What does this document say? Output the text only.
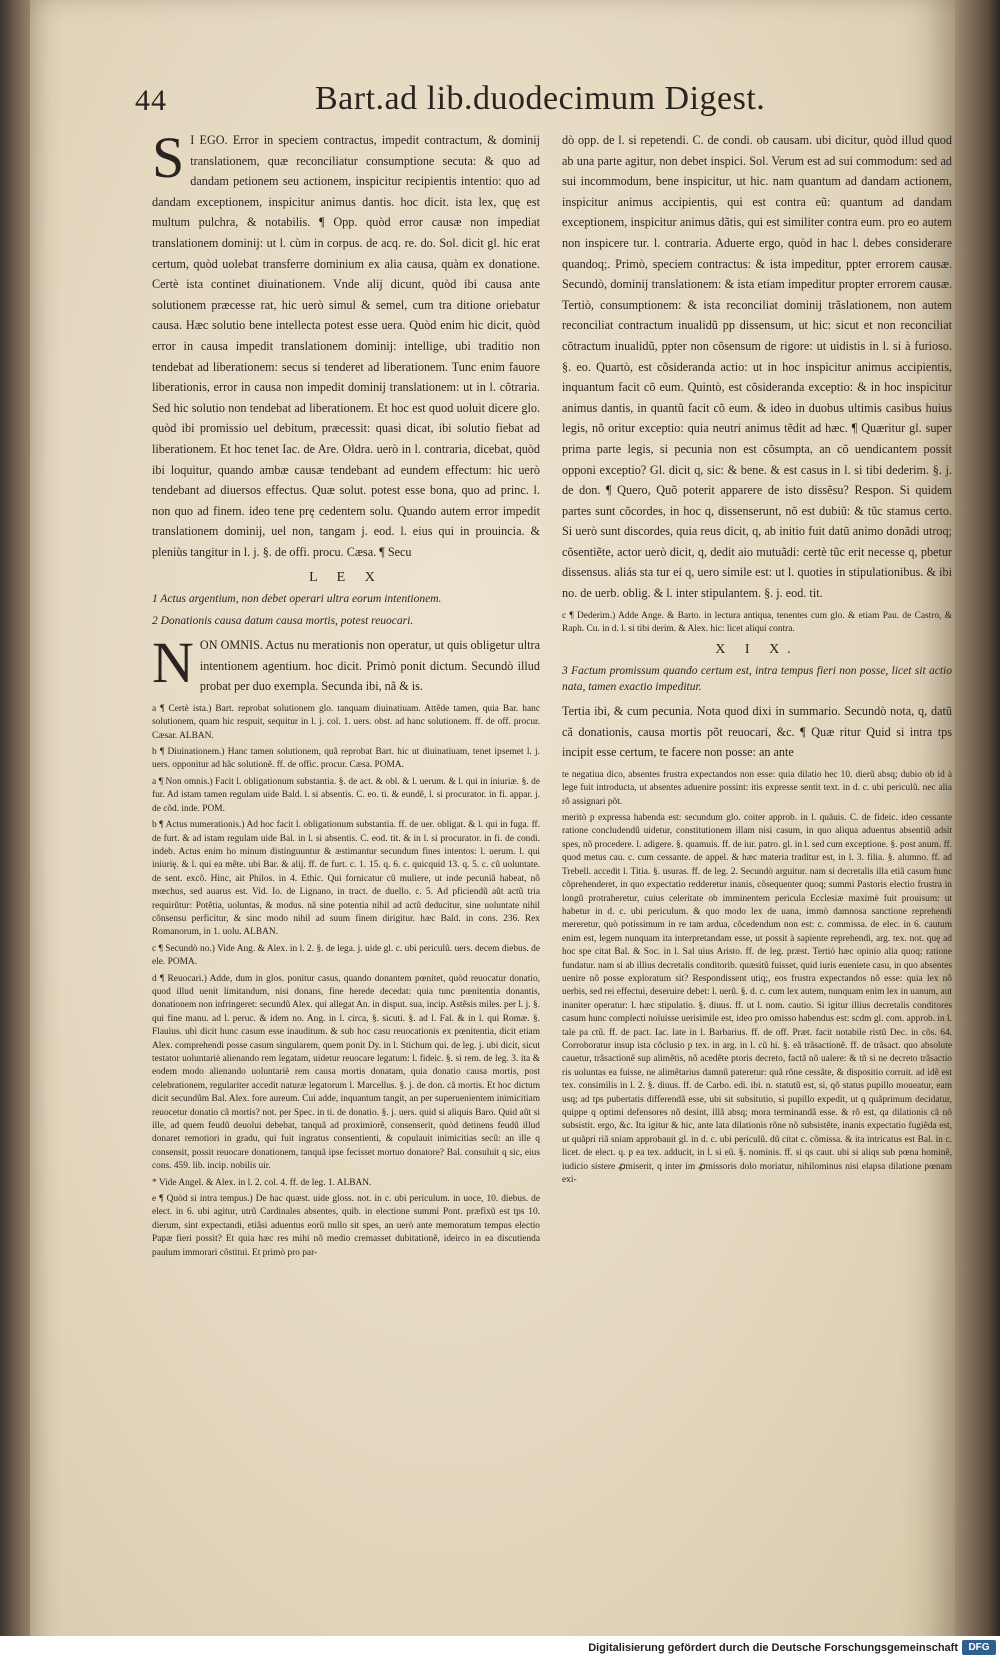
44	Bart.ad lib.duodecimum Digest.

S I EGO. Error in speciem contractus, impedit contractum, & dominij translationem, quæ reconciliatur consumptione secuta: & quo ad dandam petionem seu actionem, inspicitur recipientis intentio: quo ad dandam exceptionem, inspicitur animus dantis. hoc dicit. ista lex, quę est multum pulchra, & notabilis. ¶ Opp. quòd error causæ non impediat translationem dominij: ut l. cùm in corpus. de acq. re. do. Sol. dicit gl. hic erat certum, quòd uolebat transferre dominium ex alia causa, quàm ex donatione. Certè ista continet diuinationem. Vnde alij dicunt, quòd ibi causa ante solutionem præcesse rat, hic uerò simul & semel, cum tra ditione oriebatur causa. Hæc solutio bene intellecta potest esse uera. Quòd enim hic dicit, quòd error in causa impedit translationem dominij: intellige, ubi traditio non tendebat ad liberationem: secus si tenderet ad liberationem. Tunc enim fauore liberationis, error in causa non impedit dominij translationem: ut in l. cõtraria. Sed hic solutio non tendebat ad liberationem. Et hoc est quod uoluit dicere glo. quòd ibi promissio uel debitum, præcessit: quasi dicat, ibi solutio fiebat ad liberationem. Et hoc tenet Iac. de Are. Oldra. uerò in l. contraria, dicebat, quòd ibi loquitur, quando ambæ causæ tendebant ad eundem effectum: hic uerò tendebant ad diuersos effectus. Quæ solut. potest esse bona, quo ad princ. l. non quo ad finem. ideo tene prę cedentem solu. Quando autem error impedit translationem dominij, uel non, tangam j. eod. l. eius qui in prouincia. & pleniùs tangitur in l. j. §. de offi. procu. Cæsa. ¶ Secu

L E X
1 Actus argentium, non debet operari ultra eorum intentionem.
2 Donationis causa datum causa mortis, potest reuocari.

NON OMNIS. Actus nu merationis non operatur, ut quis obligetur ultra intentionem agentium. hoc dicit. Primò ponit dictum. Secundò illud probat per duo exempla. Secunda ibi, nã & is.

a ¶ Certè ista.) Bart. reprobat solutionem glo. tanquam diuinatiuam. Attẽde tamen, quia Bar. hanc solutionem, quam hic respuit, sequitur in l. j. col. 1. uers. obst. ad hanc solutionem. ff. de off. procur. Cæsar. ALBAN.

b ¶ Diuinationem.) Hanc tamen solutionem, quã reprobat Bart. hic ut diuinatiuam, tenet ipsemet l. j. uers. opponitur ad hãc solutionẽ. ff. de offic. procur. Cæsa. POMA.

a ¶ Non omnis.) Facit l. obligationum substantia. §. de act. & obl. & l. uerum. & l. qui in iniuriæ. §. de fur. Ad istam tamen regulam uide Bald. l. si absentis. C. eo. ti. & eundẽ, l. si procurator. in fi. appar. j. de cõd. inde. POM.

b ¶ Actus numerationis.) Ad hoc facit l. obligationum substantia. ff. de uer. obligat. & l. qui in fuga. ff. de furt. & ad istam regulam uide Bal. in l. si absentis. C. eod. tit. & in l. si procurator. in fi. de condi. indeb. Actus enim ho minum distinguuntur & æstimantur secundum fines intentos: l. uerum. l. qui iniurię. & l. qui ea mẽte. ubi Bar. & alij. ff. de furt. c. 1. 15. q. 6. c. quicquid 13. q. 5. c. cũ uoluntate. de sent. excõ. Hinc, ait Philos. in 4. Ethic. Qui fornicatur cũ muliere, ut inde pecuniã habeat, nõ mœchus, sed auarus est. Vid. Io. de Lignano, in tract. de duello. c. 5. Ad pficiendũ aũt actũ tria requirũtur: Potẽtia, uoluntas, & modus. nã sine potentia nihil ad actũ deducitur, sine uoluntate nihil cõnsensu perficitur, & sinc modo nihil ad suum finem dirigitur. hæc Bald. in cons. 236. Rex Romanorum, in 1. uolu. ALBAN.

c ¶ Secundò no.) Vide Ang. & Alex. in l. 2. §. de lega. j. uide gl. c. ubi periculũ. uers. decem diebus. de ele. POMA.

d ¶ Reuocari.) Adde, dum in glos. ponitur casus, quando donantem pœnitet, quòd reuocatur donatio, quod illud uenit limitandum, nisi donans, fine herede decedat: quia tunc pœnitentia donantis, donationem non infringeret: secundũ Alex. qui allegat An. in disput. sua, incip. Astẽsis miles. per l. j. §. qui fine manu. ad l. peruc. & idem no. Ang. in l. circa, §. sicuti. §. ad l. Fal. & in l. qui Romæ. §. Flauius. ubi dicit hunc casum esse inauditum. & sub hoc casu reuocationis ex pœnitentia, dicit etiam Alex. comprehendi posse casum singularem, quem ponit Dy. in l. Stichum qui. de leg. j. ubi dicit, sicut testator uoluntariè alienando rem legatam, uidetur reuocare legatum: l. fideic. §. si rem. de leg. 3. ita & eodem modo alienando uoluntariè rem causa mortis donatam, quia donatio causa mortis, post celebrationem, regulariter accedit naturæ legatorum l. Marcellus. §. j. de don. cã mortis. Et hoc dictum dicit secundũm Bal. Alex. fore aureum. Cui adde, inquantum tangit, an per superuenientem inimicitiam reuocetur donatio cã mortis? not. per Spec. in ti. de donatio. §. j. uers. quid si aliquis Baro. Quid aũt si ille, ad quem feudũ deuolui debebat, tanquã ad proximiorẽ, consenserit, quòd detinens feudũ illud donaret remotiori in gradu, qui fuit ingratus consentienti, & copulauit inimicitias secũ: an ille q consensit, possit reuocare donationem, tanquã ipse fecisset mortuo donatore? Bal. consuluit q sic, eius cons. 459. lib. incip. nobilis uir.

* Vide Angel. & Alex. in l. 2. col. 4. ff. de leg. 1. ALBAN.

e ¶ Quòd si intra tempus.) De hac quæst. uide gloss. not. in c. ubi periculum. in uoce, 10. diebus. de elect. in 6. ubi agitur, utrũ Cardinales absentes, quib. in electione summi Pont. præfixũ est tps 10. dierum, sint expectandi, etiãsi aduentus eorũ nullo sit spes, an uerò ante memoratum tempus electio Papæ fieri possit? Et quia hæc res mihi nõ medio cremasset dubitationẽ, ideirco in ea discutienda paulum immorari cõstitui. Et primò pro par-

dò opp. de l. si repetendi. C. de condi. ob causam. ubi dicitur, quòd illud quod ab una parte agitur, non debet inspici. Sol. Verum est ad sui commodum: sed ad sui incommodum, bene inspicitur, ut hic. nam quantum ad dandam actionem, inspicitur animus accipientis, qui est contra eũ: quantum ad dandam exceptionem, inspicitur animus dãtis, qui est similiter contra eum. pro eo autem non inspicere tur. l. contraria. Aduerte ergo, quòd in hac l. debes considerare quandoq;. Primò, speciem contractus: & ista impeditur, ppter errorem causæ. Secundò, dominij translationem: & ista etiam impeditur propter errorem causæ. Tertiò, consumptionem: & ista reconciliat dominij trãslationem, non autem reconciliat contractum inualidũ pp dissensum, ut hic: sicut et non reconciliat cõtractum inualidũ, ppter non cõsensum de rigore: ut uidistis in l. si à furioso. §. eo. Quartò, est cõsideranda actio: ut in hoc inspicitur animus accipientis, inquantum facit cõ eum. Quintò, est cõsideranda exceptio: & in hoc inspicitur animus dantis, in quantũ facit cõ eum. & ideo in duobus ultimis casibus huius legis, nõ oritur exceptio: quia neutri animus tẽdit ad hæc. ¶ Quæritur gl. super prima parte legis, si pecunia non est cõsumpta, an cõ uendicantem possit opponi exceptio? Gl. dicit q, sic: & bene. & est casus in l. si tibi dederim. §. j. de don. ¶ Quero, Quõ poterit apparere de isto dissẽsu? Respon. Si quidem partes sunt cõcordes, in hoc q, dissenserunt, nõ est dubiũ: & tũc stamus certo. Si uerò sunt discordes, quia reus dicit, q, ab initio fuit datũ animo donãdi utroq; cõsentiẽte, actor uerò dicit, q, dedit aio mutuãdi: certè tũc erit necesse q, pbetur dissensus. aliás sta tur ei q, uero simile est: ut l. quoties in stipulationibus. & ibi no. de uerb. oblig. & l. inter stipulantem. §. j. eod. tit.

c ¶ Dederim.) Adde Ange. & Barto. in lectura antiqua, tenentes cum glo. & etiam Pau. de Castro, & Raph. Cu. in d. l. si tibi derim. & Alex. hic: licet aliqui contra.
X I X.
3 Factum promissum quando certum est, intra tempus fieri non posse, licet sit actio nata, tamen exactio impeditur.

Tertia ibi, & cum pecunia. Nota quod dixi in summario. Secundò nota, q, datũ cã donationis, causa mortis põt reuocari, &c. ¶ Quæ ritur Quid si intra tps incipit esse certum, te facere non posse: an ante

te negatiua dico, absentes frustra expectandos non esse: quia dilatio hec 10. dierũ absq; dubio ob id à lege fuit introducta, ut absentes aduenire possint: itis expresse sentit text. in d. c. ubi periculũ. nec alia rõ assignari põt.

meritò p expressa habenda est: secundum glo. coiter approb. in l. quãuis. C. de fideic. ideo cessante ratione concludendũ uidetur, constitutionem illam nisi casum, in quo aliqua aduentus absentiũ adsit spes, nõ procedere. l. adigere. §. quamuis. ff. de iur. patro. gl. in l. sed cum exceptione. §. post anum. ff. quod metus cau. c. cum cessante. de appel. & hæc materia traditur est, in l. 3. filia. §. alumno. ff. ad Trebell. accedit l. Titia. §. usuras. ff. de leg. 2. Secundò arguitur. nam si decretalis illa etiã casum hunc cõprehenderet, in quo expectatio redderetur inanis, cõsequenter quoq; summi Pastoris electio frustra in longũ protraheretur, cuius celeritate ob imminentem pericula Ecclesiæ maximè fuit prouisum: ut habetur in d. c. ubi periculum. & quo modo lex de uana, immò damnosa sanctione reprehendi mereretur, quò potissimum in re tam ardua, cõcedendum non est: c. commissa. de elec. in 6. cautum enim est, legem nunquam ita interpretandam esse, ut possit à sapiente reprehendi, arg. tex. not. quę ad hoc spe citat Bal. & Soc. in l. Sal uius Aristo. ff. de leg. præst. Tertiò hæc opinio alia quoq; ratione fundatur. nam si ab illius decretalis conditorib. quæsitũ fuisset, quid iuris eueniete casu, in quo absentes uenire nõ posse exploratum sit? Respondissent utiq;, eos frustra expectandos nõ esse: quia lex nõ uerbis, sed rei effectui, deseruire debet: l. uerũ. §. d. c. cum lex autem, nunquam enim lex in uanum, aut inaniter operatur: l. hæc stipulatio. §. diuus. ff. ut l. nom. cautio. Si igitur illius decretalis conditores casum hunc complecti noluisse uerisimile est, ideo pro omisso habendus est: scdm gl. com. approb. in l. tale pa ctũ. ff. de pact. Iac. late in l. Barbarius. ff. de off. Præt. facit notabile ristũ Dec. in cõs. 64. Corroboratur insup ista cõclusio p tex. in arg. in l. cũ hi. §. eã trãsactionẽ. ff. de trãsact. quo absolute cauetur, trãsactionẽ sup alimẽtis, nõ acedẽte ptoris decreto, factã nõ ualere: & tñ si ne decreto trãsactio ris uoluntas ea fuisse, ne alimẽtarius damnũ pateretur: quã rõne cessãte, & dispositio corruit. ad idẽ est tex. consimilis in l. 2. §. diuus. ff. de Carbo. edi. ibi. n. statutũ est, si, qõ status pupillo moueatur, eam usq; ad tps pubertatis differendã esse, ubi sit subsitutio, si pupillo expedit, ut q quãprimum decidatur, quippe q optimi defensores nõ desint, illã absq; mora terminandã esse. & rõ est, qa dilationis cã nõ subsistit. ergo, &c. Ita igitur & hic, ante lata dilationis rõne nõ subsistẽte, inanis expectatio fugiẽda est, ut quãpri riã sniam approbauit gl. in d. c. ubi periculũ. dũ citat c. cõmissa. & ita intricatus est Bal. in c. licet. de elect. q. p ea tex. adducit, in l. si eũ. §. nominis. ff. si qs caut. ubi si aliqs sub pœna hominẽ, iudicio sistere ꝓmiserit, q inter im ꝓmissoris dolo moriatur, nihilominus nisi elapsa dilatione pœnam exi-

Digitalisierung gefördert durch die Deutsche Forschungsgemeinschaft	DFG
